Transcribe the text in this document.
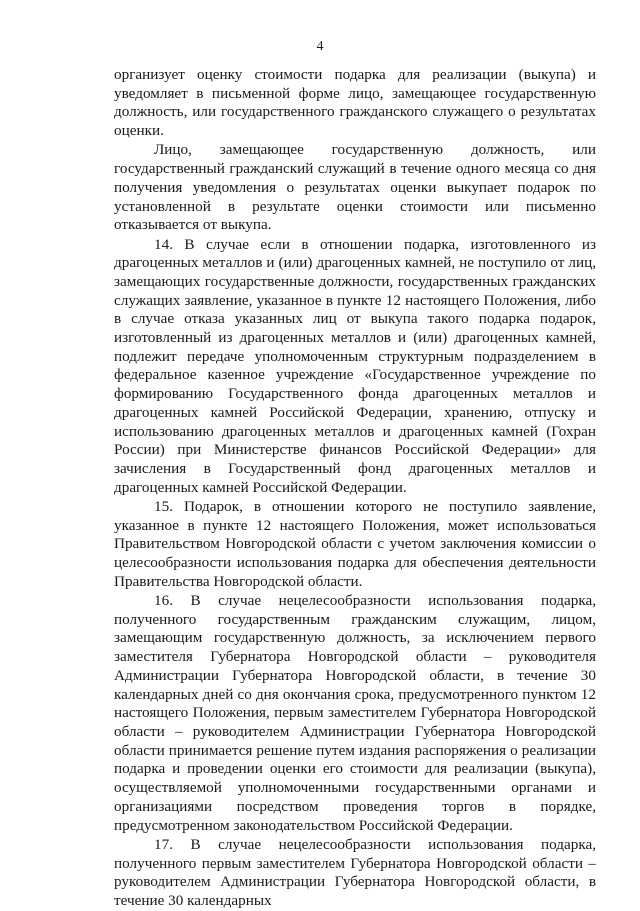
4

организует оценку стоимости подарка для реализации (выкупа) и уведомляет в письменной форме лицо, замещающее государственную должность, или государственного гражданского служащего о результатах оценки.

Лицо, замещающее государственную должность, или государственный гражданский служащий в течение одного месяца со дня получения уведомления о результатах оценки выкупает подарок по установленной в результате оценки стоимости или письменно отказывается от выкупа.

14. В случае если в отношении подарка, изготовленного из драгоценных металлов и (или) драгоценных камней, не поступило от лиц, замещающих государственные должности, государственных гражданских служащих заявление, указанное в пункте 12 настоящего Положения, либо в случае отказа указанных лиц от выкупа такого подарка подарок, изготовленный из драгоценных металлов и (или) драгоценных камней, подлежит передаче уполномоченным структурным подразделением в федеральное казенное учреждение «Государственное учреждение по формированию Государственного фонда драгоценных металлов и драгоценных камней Российской Федерации, хранению, отпуску и использованию драгоценных металлов и драгоценных камней (Гохран России) при Министерстве финансов Российской Федерации» для зачисления в Государственный фонд драгоценных металлов и драгоценных камней Российской Федерации.

15. Подарок, в отношении которого не поступило заявление, указанное в пункте 12 настоящего Положения, может использоваться Правительством Новгородской области с учетом заключения комиссии о целесообразности использования подарка для обеспечения деятельности Правительства Новгородской области.

16. В случае нецелесообразности использования подарка, полученного государственным гражданским служащим, лицом, замещающим государственную должность, за исключением первого заместителя Губернатора Новгородской области – руководителя Администрации Губернатора Новгородской области, в течение 30 календарных дней со дня окончания срока, предусмотренного пунктом 12 настоящего Положения, первым заместителем Губернатора Новгородской области – руководителем Администрации Губернатора Новгородской области принимается решение путем издания распоряжения о реализации подарка и проведении оценки его стоимости для реализации (выкупа), осуществляемой уполномоченными государственными органами и организациями посредством проведения торгов в порядке, предусмотренном законодательством Российской Федерации.

17. В случае нецелесообразности использования подарка, полученного первым заместителем Губернатора Новгородской области – руководителем Администрации Губернатора Новгородской области, в течение 30 календарных
